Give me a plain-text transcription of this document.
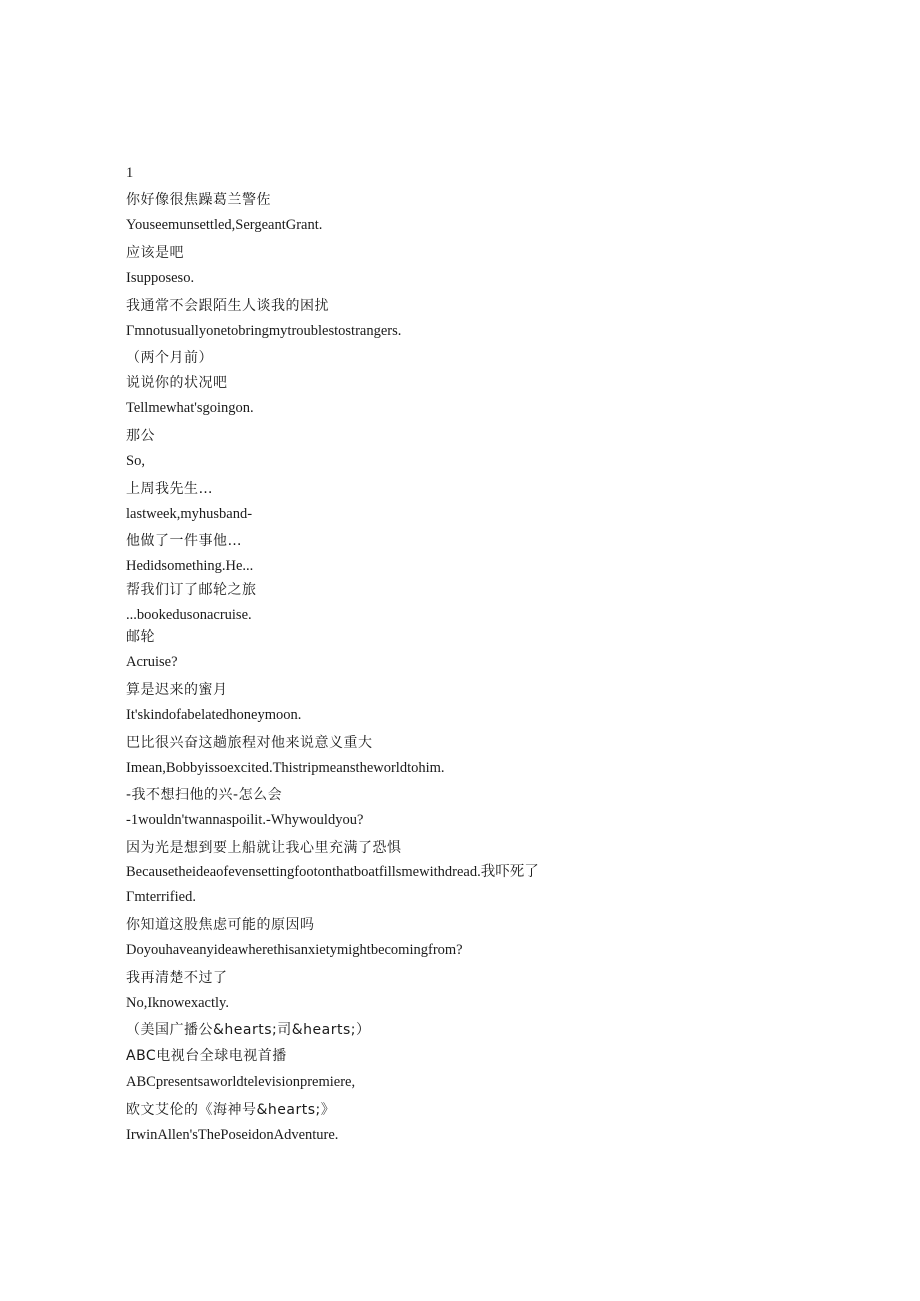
1
你好像很焦躁葛兰警佐
Youseemunsettled,SergeantGrant.
应该是吧
Isupposeso.
我通常不会跟陌生人谈我的困扰
Γmnotusuallyonetobringmytroublestostrangers.
（两个月前）
说说你的状况吧
Tellmewhat'sgoingon.
那公
So,
上周我先生…
lastweek,myhusband-
他做了一件事他…
Hedidsomething.He...
帮我们订了邮轮之旅
...bookedusonacruise.
邮轮
Acruise?
算是迟来的蜜月
It'skindofabelatedhoneymoon.
巴比很兴奋这趟旅程对他来说意义重大
Imean,Bobbyissoexcited.Thistripmeanstheworldtohim.
-我不想扫他的兴-怎么会
-1wouldn'twannaspoilit.-Whywouldyou?
因为光是想到要上船就让我心里充满了恐惧
Becausetheideaofevensettingfootonthatboatfillsmewithdread.我吓死了
Γmterrified.
你知道这股焦虑可能的原因吗
Doyouhaveanyideawherethisanxietymightbecomingfrom?
我再清楚不过了
No,Iknowexactly.
（美国广播公&hearts;司&hearts;）
ABC电视台全球电视首播
ABCpresentsaworldtelevisionpremiere,
欧文艾伦的《海神号&hearts;》
IrwinAllen'sThePoseidonAdventure.
